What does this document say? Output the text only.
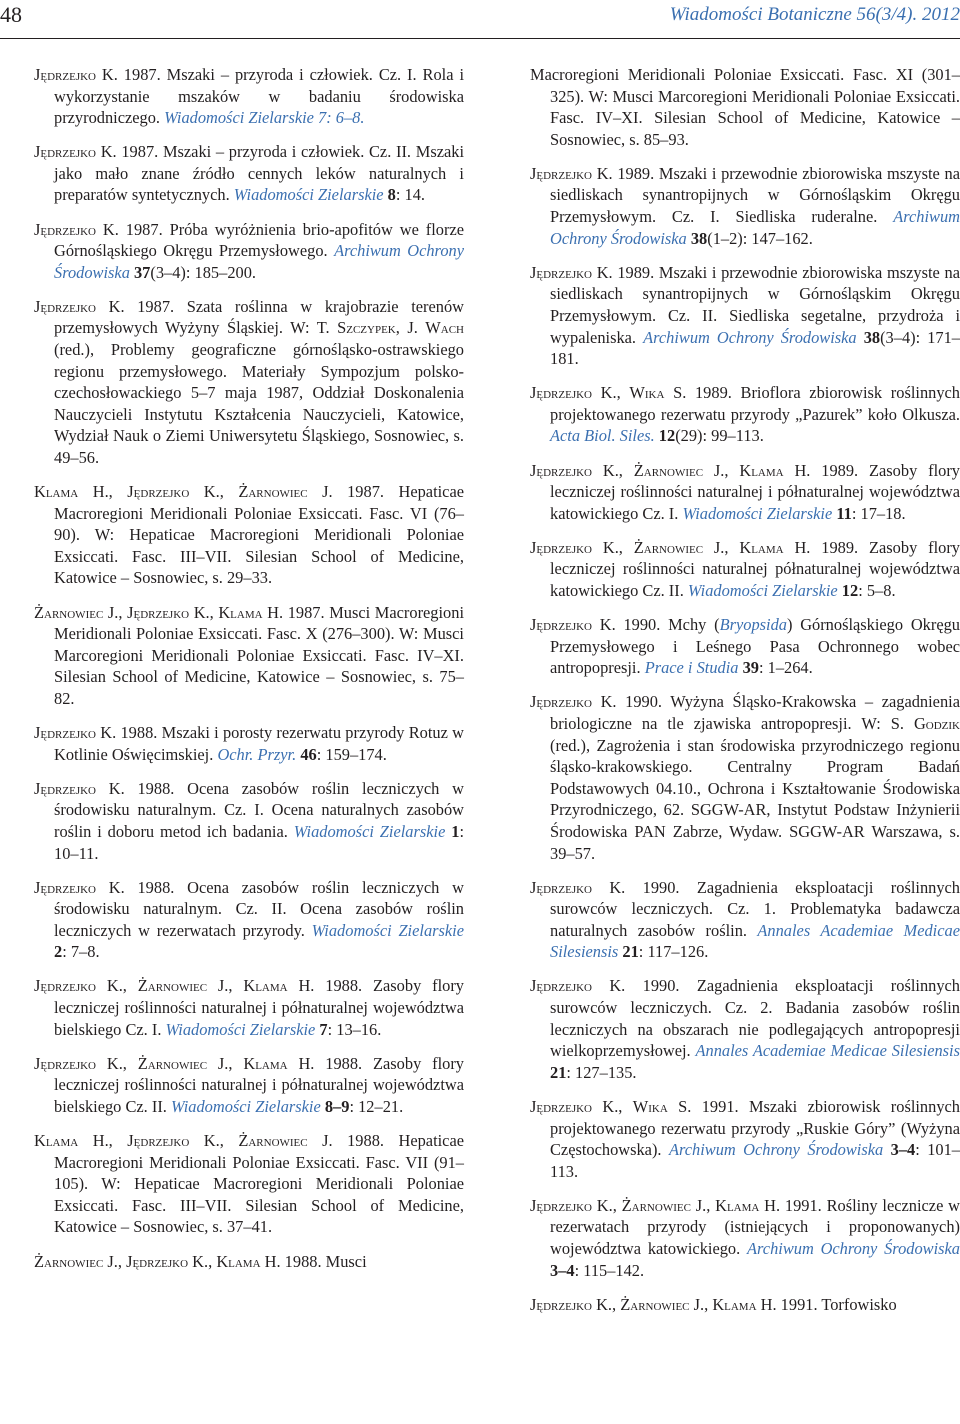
48	Wiadomości Botaniczne 56(3/4). 2012
Jędrzejko K. 1987. Mszaki – przyroda i człowiek. Cz. I. Rola i wykorzystanie mszaków w badaniu środowiska przyrodniczego. Wiadomości Zielarskie 7: 6–8.
Jędrzejko K. 1987. Mszaki – przyroda i człowiek. Cz. II. Mszaki jako mało znane źródło cennych leków naturalnych i preparatów syntetycznych. Wiadomości Zielarskie 8: 14.
Jędrzejko K. 1987. Próba wyróżnienia brio-apofitów we florze Górnośląskiego Okręgu Przemysłowego. Archiwum Ochrony Środowiska 37(3–4): 185–200.
Jędrzejko K. 1987. Szata roślinna w krajobrazie terenów przemysłowych Wyżyny Śląskiej. W: T. Szczypek, J. Wach (red.), Problemy geograficzne górnośląsko-ostrawskiego regionu przemysłowego. Materiały Sympozjum polsko-czechosłowackiego 5–7 maja 1987, Oddział Doskonalenia Nauczycieli Instytutu Kształcenia Nauczycieli, Katowice, Wydział Nauk o Ziemi Uniwersytetu Śląskiego, Sosnowiec, s. 49–56.
Klama H., Jędrzejko K., Żarnowiec J. 1987. Hepaticae Macroregioni Meridionali Poloniae Exsiccati. Fasc. VI (76–90). W: Hepaticae Macroregioni Meridionali Poloniae Exsiccati. Fasc. III–VII. Silesian School of Medicine, Katowice – Sosnowiec, s. 29–33.
Żarnowiec J., Jędrzejko K., Klama H. 1987. Musci Macroregioni Meridionali Poloniae Exsiccati. Fasc. X (276–300). W: Musci Marcoregioni Meridionali Poloniae Exsiccati. Fasc. IV–XI. Silesian School of Medicine, Katowice – Sosnowiec, s. 75–82.
Jędrzejko K. 1988. Mszaki i porosty rezerwatu przyrody Rotuz w Kotlinie Oświęcimskiej. Ochr. Przyr. 46: 159–174.
Jędrzejko K. 1988. Ocena zasobów roślin leczniczych w środowisku naturalnym. Cz. I. Ocena naturalnych zasobów roślin i doboru metod ich badania. Wiadomości Zielarskie 1: 10–11.
Jędrzejko K. 1988. Ocena zasobów roślin leczniczych w środowisku naturalnym. Cz. II. Ocena zasobów roślin leczniczych w rezerwatach przyrody. Wiadomości Zielarskie 2: 7–8.
Jędrzejko K., Żarnowiec J., Klama H. 1988. Zasoby flory leczniczej roślinności naturalnej i półnaturalnej województwa bielskiego Cz. I. Wiadomości Zielarskie 7: 13–16.
Jędrzejko K., Żarnowiec J., Klama H. 1988. Zasoby flory leczniczej roślinności naturalnej i półnaturalnej województwa bielskiego Cz. II. Wiadomości Zielarskie 8–9: 12–21.
Klama H., Jędrzejko K., Żarnowiec J. 1988. Hepaticae Macroregioni Meridionali Poloniae Exsiccati. Fasc. VII (91–105). W: Hepaticae Macroregioni Meridionali Poloniae Exsiccati. Fasc. III–VII. Silesian School of Medicine, Katowice – Sosnowiec, s. 37–41.
Żarnowiec J., Jędrzejko K., Klama H. 1988. Musci
Macroregioni Meridionali Poloniae Exsiccati. Fasc. XI (301–325). W: Musci Marcoregioni Meridionali Poloniae Exsiccati. Fasc. IV–XI. Silesian School of Medicine, Katowice – Sosnowiec, s. 85–93.
Jędrzejko K. 1989. Mszaki i przewodnie zbiorowiska mszyste na siedliskach synantropijnych w Górnośląskim Okręgu Przemysłowym. Cz. I. Siedliska ruderalne. Archiwum Ochrony Środowiska 38(1–2): 147–162.
Jędrzejko K. 1989. Mszaki i przewodnie zbiorowiska mszyste na siedliskach synantropijnych w Górnośląskim Okręgu Przemysłowym. Cz. II. Siedliska segetalne, przydroża i wypaleniska. Archiwum Ochrony Środowiska 38(3–4): 171–181.
Jędrzejko K., Wika S. 1989. Brioflora zbiorowisk roślinnych projektowanego rezerwatu przyrody „Pazurek” koło Olkusza. Acta Biol. Siles. 12(29): 99–113.
Jędrzejko K., Żarnowiec J., Klama H. 1989. Zasoby flory leczniczej roślinności naturalnej i półnaturalnej województwa katowickiego Cz. I. Wiadomości Zielarskie 11: 17–18.
Jędrzejko K., Żarnowiec J., Klama H. 1989. Zasoby flory leczniczej roślinności naturalnej półnaturalnej województwa katowickiego Cz. II. Wiadomości Zielarskie 12: 5–8.
Jędrzejko K. 1990. Mchy (Bryopsida) Górnośląskiego Okręgu Przemysłowego i Leśnego Pasa Ochronnego wobec antropopresji. Prace i Studia 39: 1–264.
Jędrzejko K. 1990. Wyżyna Śląsko-Krakowska – zagadnienia briologiczne na tle zjawiska antropopresji. W: S. Godzik (red.), Zagrożenia i stan środowiska przyrodniczego regionu śląsko-krakowskiego. Centralny Program Badań Podstawowych 04.10., Ochrona i Kształtowanie Środowiska Przyrodniczego, 62. SGGW-AR, Instytut Podstaw Inżynierii Środowiska PAN Zabrze, Wydaw. SGGW-AR Warszawa, s. 39–57.
Jędrzejko K. 1990. Zagadnienia eksploatacji roślinnych surowców leczniczych. Cz. 1. Problematyka badawcza naturalnych zasobów roślin. Annales Academiae Medicae Silesiensis 21: 117–126.
Jędrzejko K. 1990. Zagadnienia eksploatacji roślinnych surowców leczniczych. Cz. 2. Badania zasobów roślin leczniczych na obszarach nie podlegających antropopresji wielkoprzemysłowej. Annales Academiae Medicae Silesiensis 21: 127–135.
Jędrzejko K., Wika S. 1991. Mszaki zbiorowisk roślinnych projektowanego rezerwatu przyrody „Ruskie Góry” (Wyżyna Częstochowska). Archiwum Ochrony Środowiska 3–4: 101–113.
Jędrzejko K., Żarnowiec J., Klama H. 1991. Rośliny lecznicze w rezerwatach przyrody (istniejących i proponowanych) województwa katowickiego. Archiwum Ochrony Środowiska 3–4: 115–142.
Jędrzejko K., Żarnowiec J., Klama H. 1991. Torfowisko
